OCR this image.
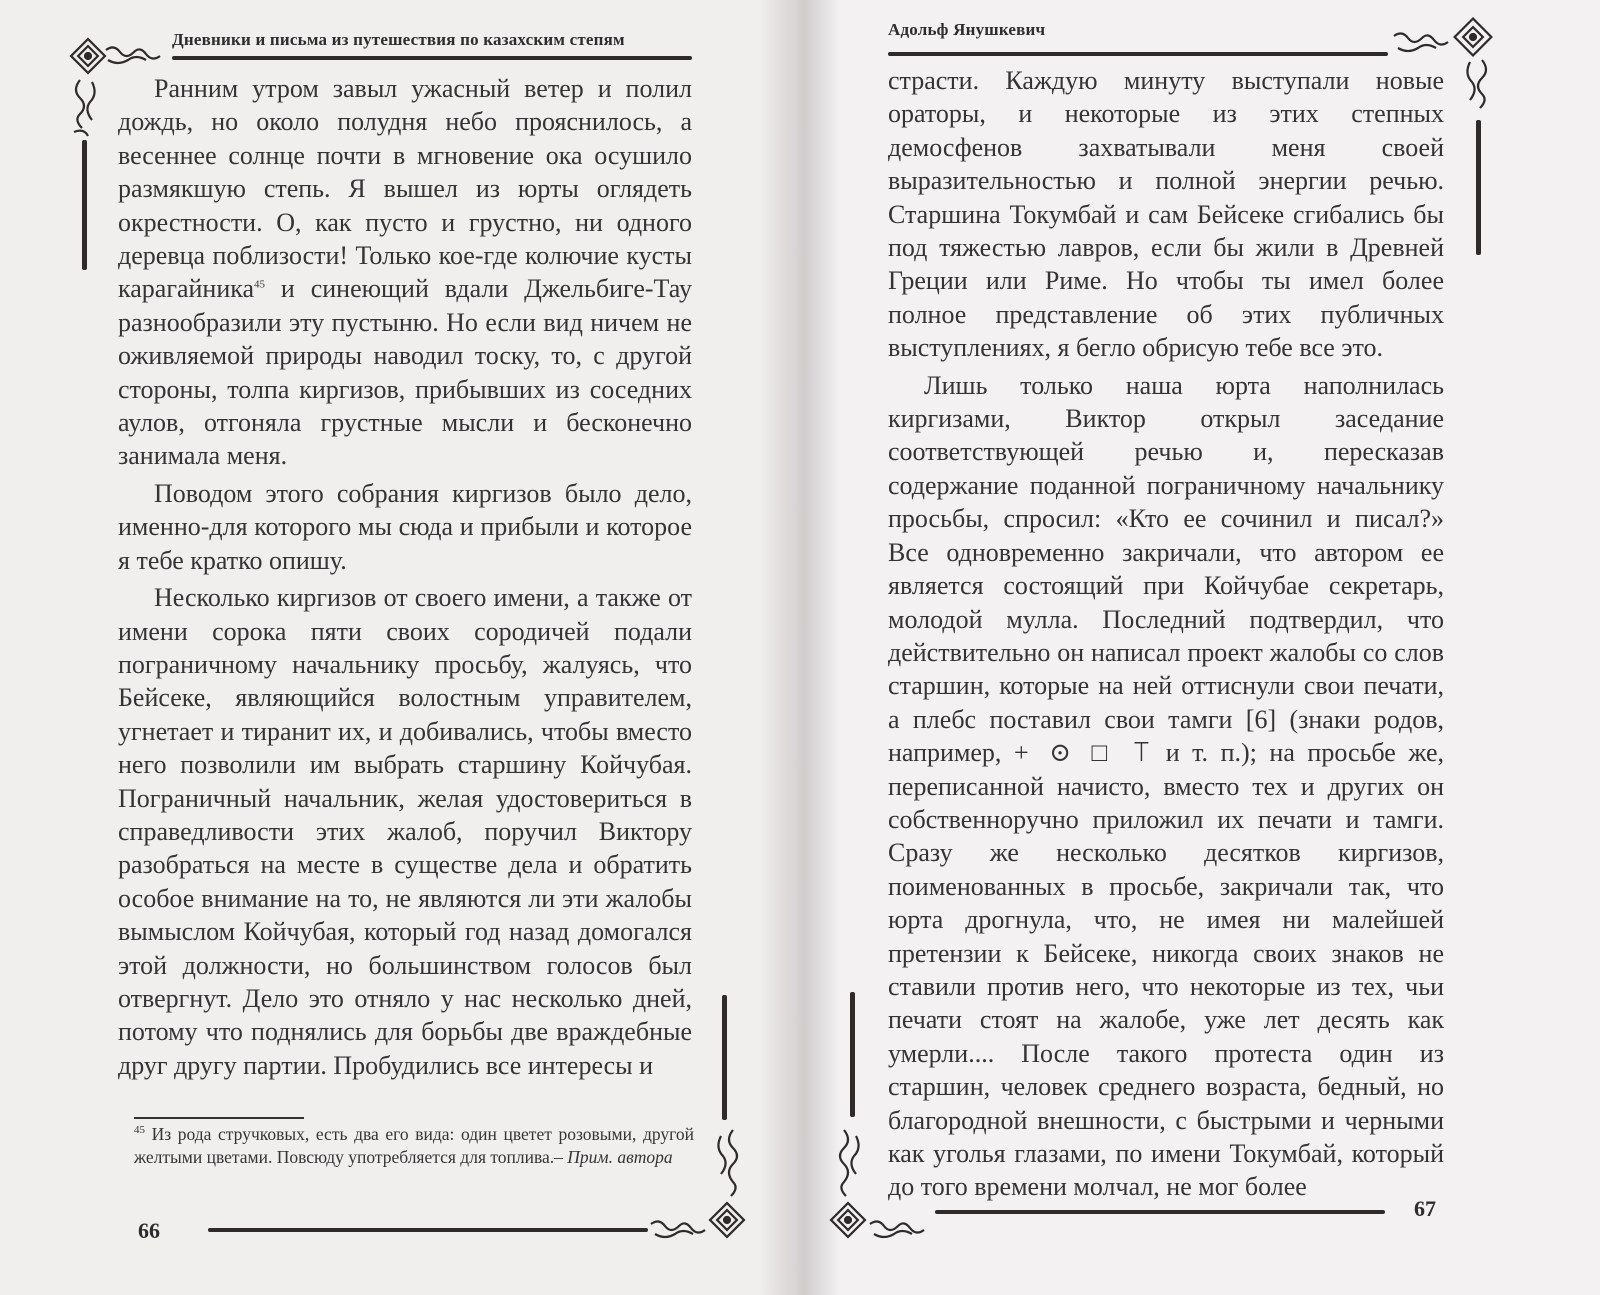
Дневники и письма из путешествия по казахским степям

Ранним утром завыл ужасный ветер и полил дождь, но около полудня небо прояснилось, а весеннее солнце почти в мгновение ока осушило размякшую степь. Я вышел из юрты оглядеть окрестности. О, как пусто и грустно, ни одного деревца поблизости! Только кое-где колючие кусты карагайника$^{45}$ и синеющий вдали Джельбиге-Тау разнообразили эту пустыню. Но если вид ничем не оживляемой природы наводил тоску, то, с другой стороны, толпа киргизов, прибывших из соседних аулов, отгоняла грустные мысли и бесконечно занимала меня.

Поводом этого собрания киргизов было дело, именно-для которого мы сюда и прибыли и которое я тебе кратко опишу.

Несколько киргизов от своего имени, а также от имени сорока пяти своих сородичей подали пограничному начальнику просьбу, жалуясь, что Бейсеке, являющийся волостным управителем, угнетает и тиранит их, и добивались, чтобы вместо него позволили им выбрать старшину Койчубая. Пограничный начальник, желая удостовериться в справедливости этих жалоб, поручил Виктору разобраться на месте в существе дела и обратить особое внимание на то, не являются ли эти жалобы вымыслом Койчубая, который год назад домогался этой должности, но большинством голосов был отвергнут. Дело это отняло у нас несколько дней, потому что поднялись для борьбы две враждебные друг другу партии. Пробудились все интересы и

$^{45}$ Из рода стручковых, есть два его вида: один цветет розовыми, другой желтыми цветами. Повсюду употребляется для топлива.– Прим. автора
66
Адольф Янушкевич

страсти. Каждую минуту выступали новые ораторы, и некоторые из этих степных демосфенов захватывали меня своей выразительностью и полной энергии речью. Старшина Токумбай и сам Бейсеке сгибались бы под тяжестью лавров, если бы жили в Древней Греции или Риме. Но чтобы ты имел более полное представление об этих публичных выступлениях, я бегло обрисую тебе все это.

Лишь только наша юрта наполнилась киргизами, Виктор открыл заседание соответствующей речью и, пересказав содержание поданной пограничному начальнику просьбы, спросил: «Кто ее сочинил и писал?» Все одновременно закричали, что автором ее является состоящий при Койчубае секретарь, молодой мулла. Последний подтвердил, что действительно он написал проект жалобы со слов старшин, которые на ней оттиснули свои печати, а плебс поставил свои тамги [6] (знаки родов, например, + ⊙ □ ⟙ и т. п.); на просьбе же, переписанной начисто, вместо тех и других он собственноручно приложил их печати и тамги. Сразу же несколько десятков киргизов, поименованных в просьбе, закричали так, что юрта дрогнула, что, не имея ни малейшей претензии к Бейсеке, никогда своих знаков не ставили против него, что некоторые из тех, чьи печати стоят на жалобе, уже лет десять как умерли.... После такого протеста один из старшин, человек среднего возраста, бедный, но благородной внешности, с быстрыми и черными как уголья глазами, по имени Токумбай, который до того времени молчал, не мог более

67
